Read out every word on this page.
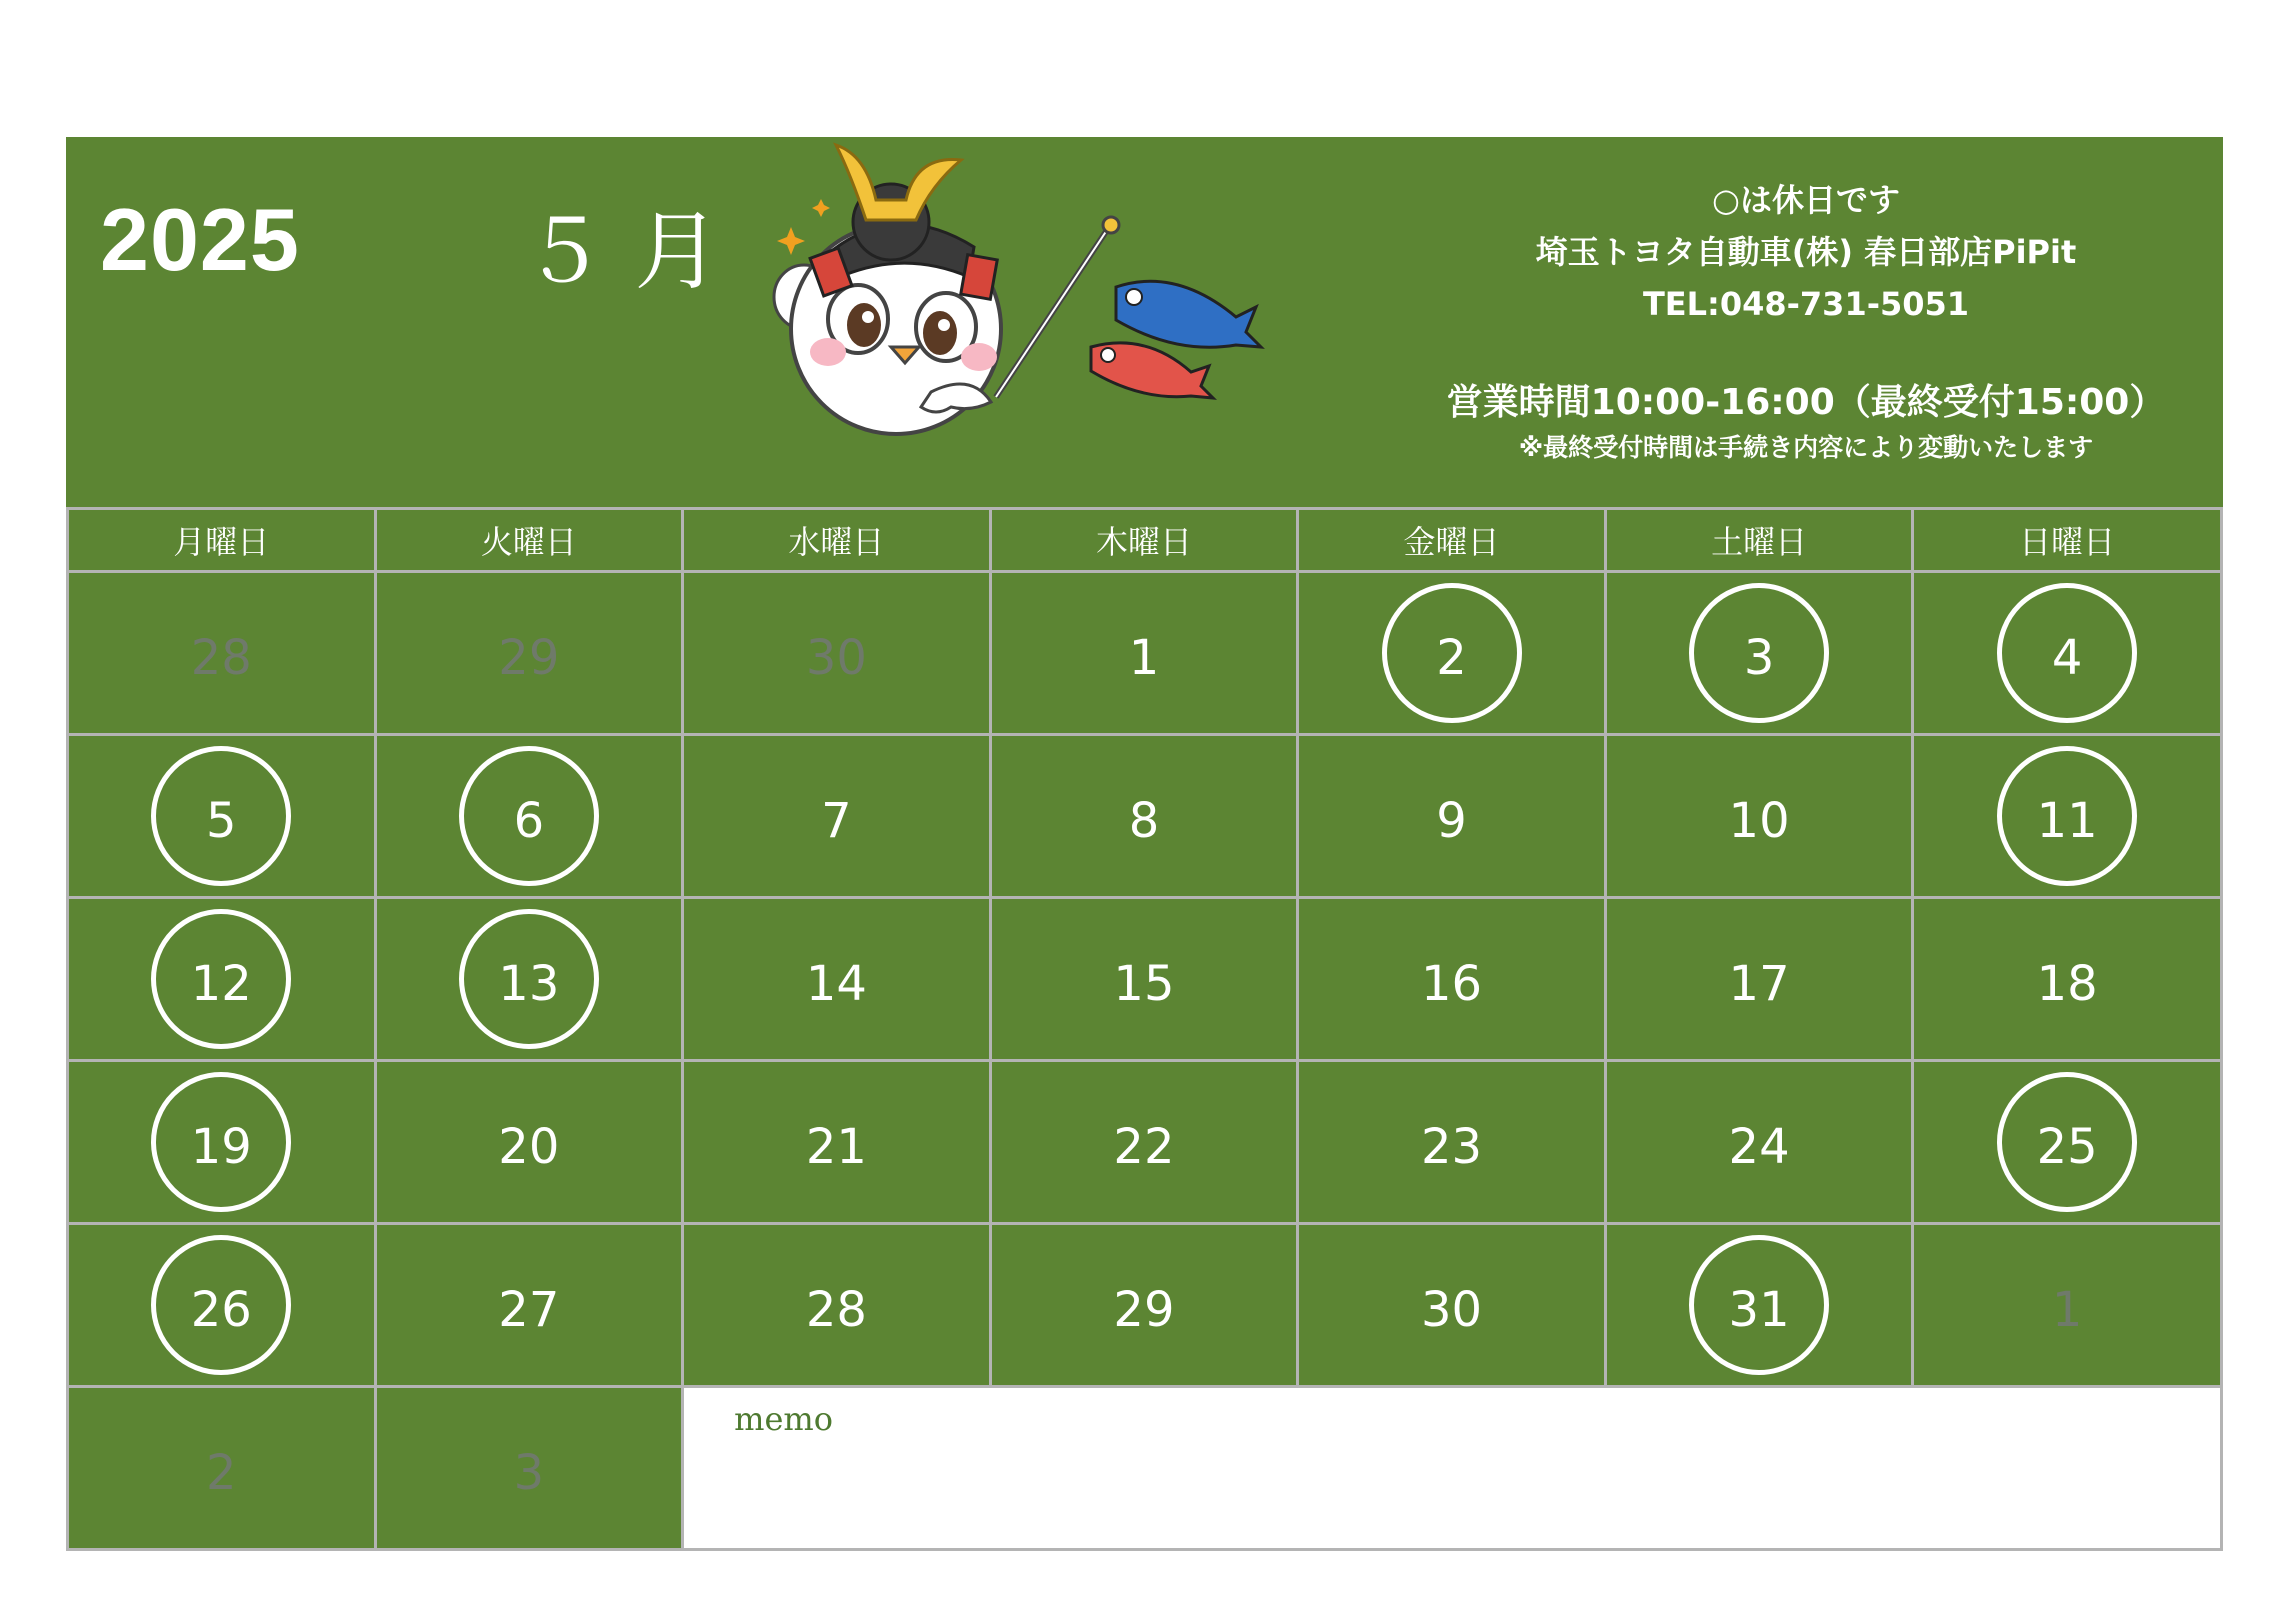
2025	５ 月
○は休日です
埼玉トヨタ自動車(株) 春日部店PiPit
TEL:048-731-5051
営業時間10:00-16:00（最終受付15:00）
※最終受付時間は手続き内容により変動いたします
月曜日	火曜日	水曜日	木曜日	金曜日	土曜日	日曜日
28	29	30	1	2	3	4
5	6	7	8	9	10	11
12	13	14	15	16	17	18
19	20	21	22	23	24	25
26	27	28	29	30	31	1
2	3	memo				
